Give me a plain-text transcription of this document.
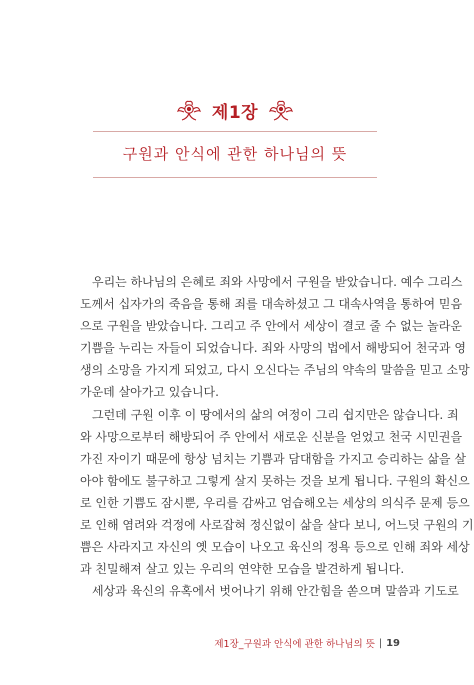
제1장
구원과 안식에 관한 하나님의 뜻
우리는 하나님의 은혜로 죄와 사망에서 구원을 받았습니다. 예수 그리스
도께서 십자가의 죽음을 통해 죄를 대속하셨고 그 대속사역을 통하여 믿음
으로 구원을 받았습니다. 그리고 주 안에서 세상이 결코 줄 수 없는 놀라운
기쁨을 누리는 자들이 되었습니다. 죄와 사망의 법에서 해방되어 천국과 영
생의 소망을 가지게 되었고, 다시 오신다는 주님의 약속의 말씀을 믿고 소망
가운데 살아가고 있습니다.
그런데 구원 이후 이 땅에서의 삶의 여정이 그리 쉽지만은 않습니다. 죄
와 사망으로부터 해방되어 주 안에서 새로운 신분을 얻었고 천국 시민권을
가진 자이기 때문에 항상 넘치는 기쁨과 담대함을 가지고 승리하는 삶을 살
아야 함에도 불구하고 그렇게 살지 못하는 것을 보게 됩니다. 구원의 확신으
로 인한 기쁨도 잠시뿐, 우리를 감싸고 엄습해오는 세상의 의식주 문제 등으
로 인해 염려와 걱정에 사로잡혀 정신없이 삶을 살다 보니, 어느덧 구원의 기
쁨은 사라지고 자신의 옛 모습이 나오고 육신의 정욕 등으로 인해 죄와 세상
과 친밀해져 살고 있는 우리의 연약한 모습을 발견하게 됩니다.
세상과 육신의 유혹에서 벗어나기 위해 안간힘을 쏟으며 말씀과 기도로
제1장_ 구원과 안식에 관한 하나님의 뜻 | 19
